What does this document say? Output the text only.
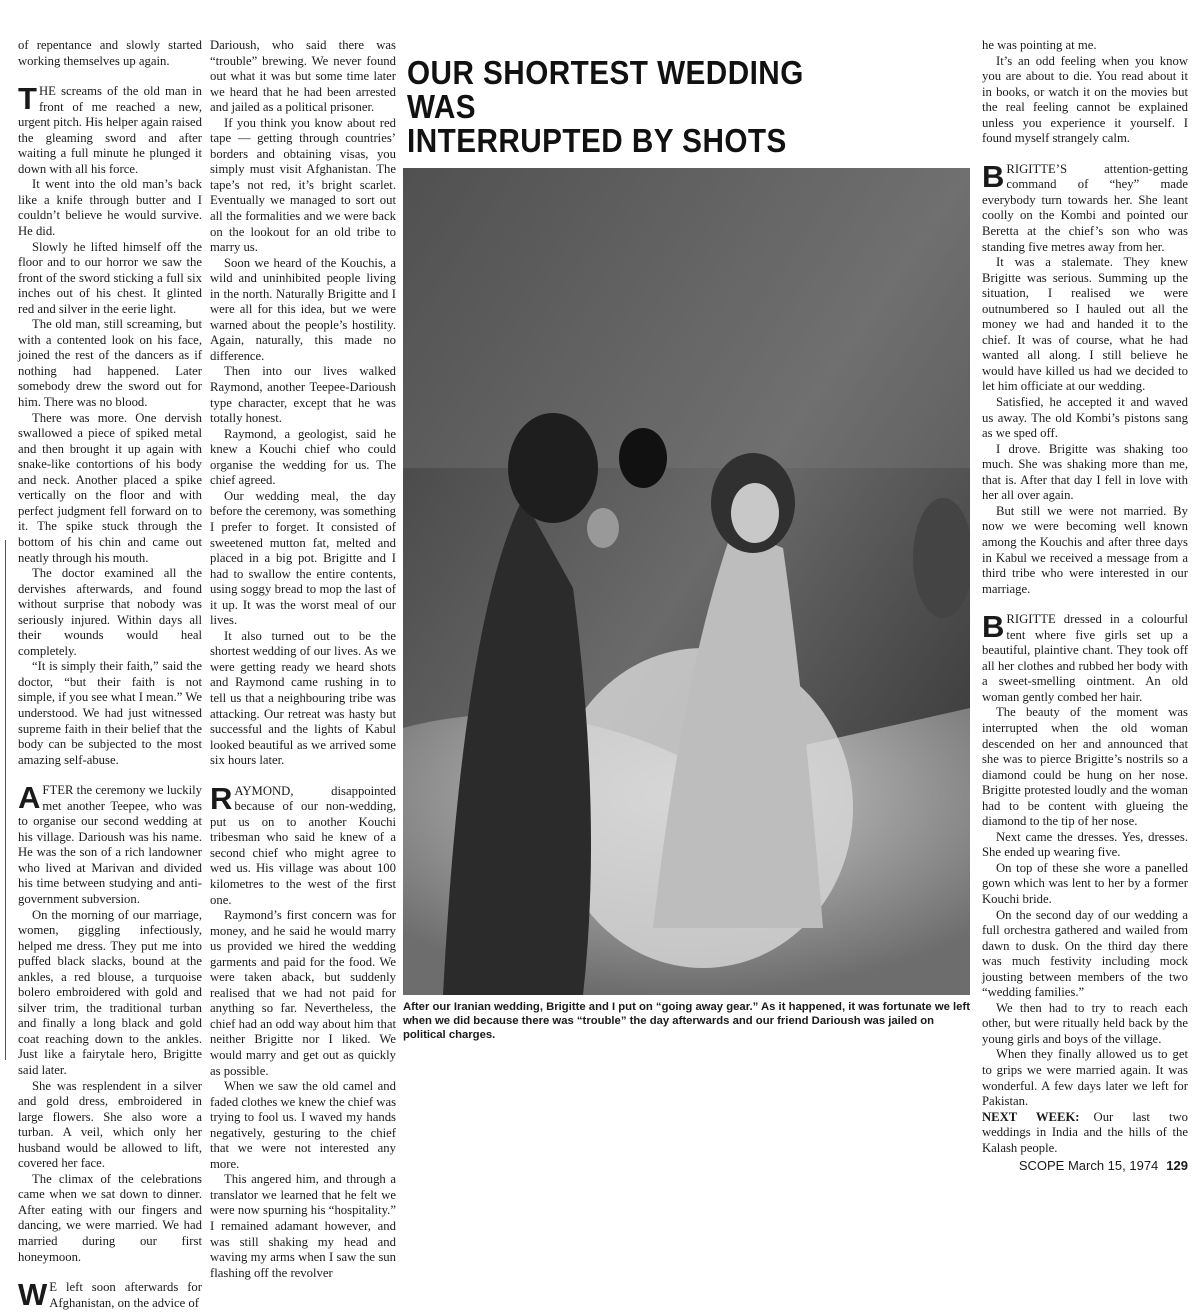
of repentance and slowly started working themselves up again.

THE screams of the old man in front of me reached a new, urgent pitch. His helper again raised the gleaming sword and after waiting a full minute he plunged it down with all his force.

It went into the old man’s back like a knife through butter and I couldn’t believe he would survive. He did.

Slowly he lifted himself off the floor and to our horror we saw the front of the sword sticking a full six inches out of his chest. It glinted red and silver in the eerie light.

The old man, still screaming, but with a contented look on his face, joined the rest of the dancers as if nothing had happened. Later somebody drew the sword out for him. There was no blood.

There was more. One dervish swallowed a piece of spiked metal and then brought it up again with snake-like contortions of his body and neck. Another placed a spike vertically on the floor and with perfect judgment fell forward on to it. The spike stuck through the bottom of his chin and came out neatly through his mouth.

The doctor examined all the dervishes afterwards, and found without surprise that nobody was seriously injured. Within days all their wounds would heal completely.

“It is simply their faith,” said the doctor, “but their faith is not simple, if you see what I mean.” We understood. We had just witnessed supreme faith in their belief that the body can be subjected to the most amazing self-abuse.

AFTER the ceremony we luckily met another Teepee, who was to organise our second wedding at his village. Darioush was his name. He was the son of a rich landowner who lived at Marivan and divided his time between studying and anti-government subversion.

On the morning of our marriage, women, giggling infectiously, helped me dress. They put me into puffed black slacks, bound at the ankles, a red blouse, a turquoise bolero embroidered with gold and silver trim, the traditional turban and finally a long black and gold coat reaching down to the ankles. Just like a fairytale hero, Brigitte said later.

She was resplendent in a silver and gold dress, embroidered in large flowers. She also wore a turban. A veil, which only her husband would be allowed to lift, covered her face.

The climax of the celebrations came when we sat down to dinner. After eating with our fingers and dancing, we were married. We had married during our first honeymoon.

W E left soon afterwards for Afghanistan, on the advice of

Darioush, who said there was “trouble” brewing. We never found out what it was but some time later we heard that he had been arrested and jailed as a political prisoner.

If you think you know about red tape — getting through countries’ borders and obtaining visas, you simply must visit Afghanistan. The tape’s not red, it’s bright scarlet. Eventually we managed to sort out all the formalities and we were back on the lookout for an old tribe to marry us.

Soon we heard of the Kouchis, a wild and uninhibited people living in the north. Naturally Brigitte and I were all for this idea, but we were warned about the people’s hostility. Again, naturally, this made no difference.

Then into our lives walked Raymond, another Teepee-Darioush type character, except that he was totally honest.

Raymond, a geologist, said he knew a Kouchi chief who could organise the wedding for us. The chief agreed.

Our wedding meal, the day before the ceremony, was something I prefer to forget. It consisted of sweetened mutton fat, melted and placed in a big pot. Brigitte and I had to swallow the entire contents, using soggy bread to mop the last of it up. It was the worst meal of our lives.

It also turned out to be the shortest wedding of our lives. As we were getting ready we heard shots and Raymond came rushing in to tell us that a neighbouring tribe was attacking. Our retreat was hasty but successful and the lights of Kabul looked beautiful as we arrived some six hours later.

RAYMOND, disappointed because of our non-wedding, put us on to another Kouchi tribesman who said he knew of a second chief who might agree to wed us. His village was about 100 kilometres to the west of the first one.

Raymond’s first concern was for money, and he said he would marry us provided we hired the wedding garments and paid for the food. We were taken aback, but suddenly realised that we had not paid for anything so far. Nevertheless, the chief had an odd way about him that neither Brigitte nor I liked. We would marry and get out as quickly as possible.

When we saw the old camel and faded clothes we knew the chief was trying to fool us. I waved my hands negatively, gesturing to the chief that we were not interested any more.

This angered him, and through a translator we learned that he felt we were now spurning his “hospitality.” I remained adamant however, and was still shaking my head and waving my arms when I saw the sun flashing off the revolver

OUR SHORTEST WEDDING WAS
INTERRUPTED BY SHOTS
After our Iranian wedding, Brigitte and I put on “going away gear.” As it happened, it was fortunate we left when we did because there was “trouble” the day afterwards and our friend Darioush was jailed on political charges.

he was pointing at me.

It’s an odd feeling when you know you are about to die. You read about it in books, or watch it on the movies but the real feeling cannot be explained unless you experience it yourself. I found myself strangely calm.

BRIGITTE’S attention-getting command of “hey” made everybody turn towards her. She leant coolly on the Kombi and pointed our Beretta at the chief’s son who was standing five metres away from her.

It was a stalemate. They knew Brigitte was serious. Summing up the situation, I realised we were outnumbered so I hauled out all the money we had and handed it to the chief. It was of course, what he had wanted all along. I still believe he would have killed us had we decided to let him officiate at our wedding.

Satisfied, he accepted it and waved us away. The old Kombi’s pistons sang as we sped off.

I drove. Brigitte was shaking too much. She was shaking more than me, that is. After that day I fell in love with her all over again.

But still we were not married. By now we were becoming well known among the Kouchis and after three days in Kabul we received a message from a third tribe who were interested in our marriage.

BRIGITTE dressed in a colourful tent where five girls set up a beautiful, plaintive chant. They took off all her clothes and rubbed her body with a sweet-smelling ointment. An old woman gently combed her hair.

The beauty of the moment was interrupted when the old woman descended on her and announced that she was to pierce Brigitte’s nostrils so a diamond could be hung on her nose. Brigitte protested loudly and the woman had to be content with glueing the diamond to the tip of her nose.

Next came the dresses. Yes, dresses. She ended up wearing five.

On top of these she wore a panelled gown which was lent to her by a former Kouchi bride.

On the second day of our wedding a full orchestra gathered and wailed from dawn to dusk. On the third day there was much festivity including mock jousting between members of the two “wedding families.”

We then had to try to reach each other, but were ritually held back by the young girls and boys of the village.

When they finally allowed us to get to grips we were married again. It was wonderful. A few days later we left for Pakistan.

NEXT WEEK: Our last two weddings in India and the hills of the Kalash people.

SCOPE March 15, 1974 129
